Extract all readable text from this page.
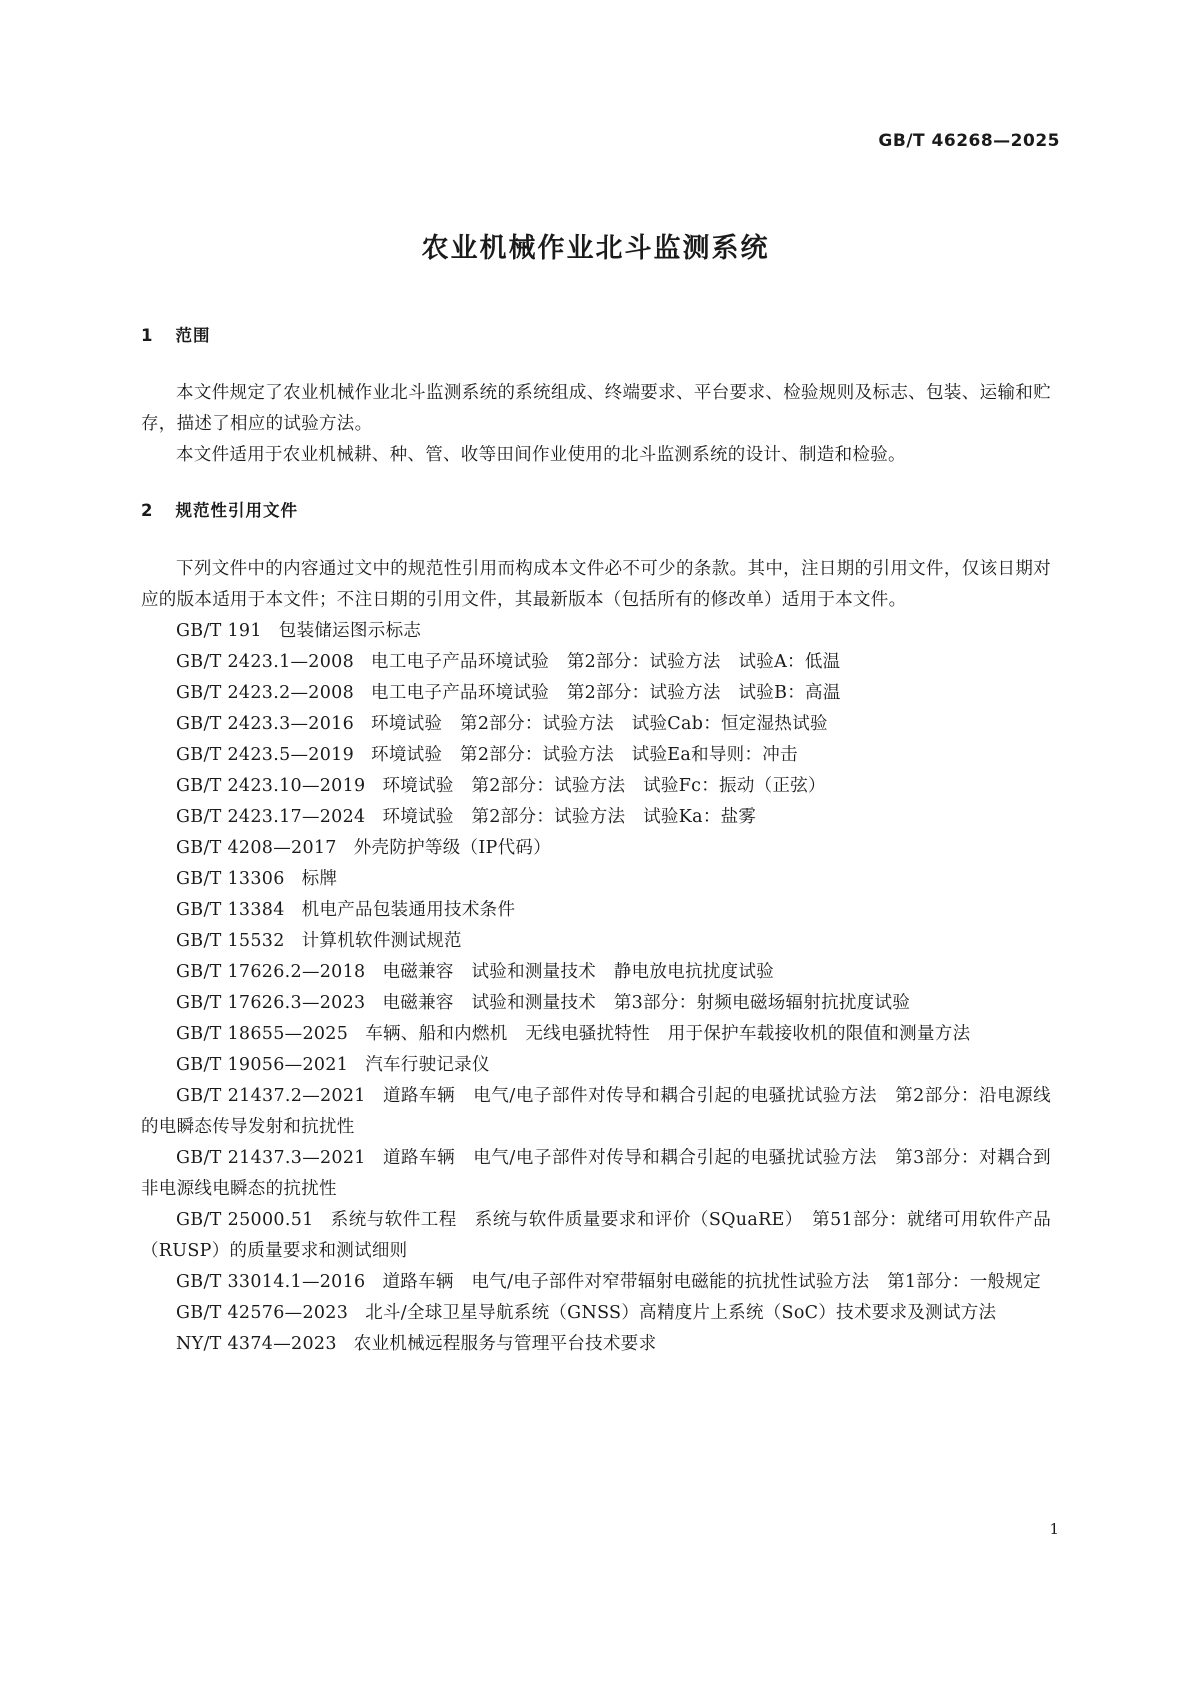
GB/T 46268—2025
农业机械作业北斗监测系统
1 范围

本文件规定了农业机械作业北斗监测系统的系统组成、终端要求、平台要求、检验规则及标志、包装、运输和贮存，描述了相应的试验方法。

本文件适用于农业机械耕、种、管、收等田间作业使用的北斗监测系统的设计、制造和检验。

2 规范性引用文件

下列文件中的内容通过文中的规范性引用而构成本文件必不可少的条款。其中，注日期的引用文件，仅该日期对应的版本适用于本文件；不注日期的引用文件，其最新版本（包括所有的修改单）适用于本文件。

GB/T 191 包装储运图示标志
GB/T 2423.1—2008 电工电子产品环境试验　第2部分：试验方法　试验A：低温
GB/T 2423.2—2008 电工电子产品环境试验　第2部分：试验方法　试验B：高温
GB/T 2423.3—2016 环境试验　第2部分：试验方法　试验Cab：恒定湿热试验
GB/T 2423.5—2019 环境试验　第2部分：试验方法　试验Ea和导则：冲击
GB/T 2423.10—2019 环境试验　第2部分：试验方法　试验Fc：振动（正弦）
GB/T 2423.17—2024 环境试验　第2部分：试验方法　试验Ka：盐雾
GB/T 4208—2017 外壳防护等级（IP代码）
GB/T 13306 标牌
GB/T 13384 机电产品包装通用技术条件
GB/T 15532 计算机软件测试规范
GB/T 17626.2—2018 电磁兼容　试验和测量技术　静电放电抗扰度试验
GB/T 17626.3—2023 电磁兼容　试验和测量技术　第3部分：射频电磁场辐射抗扰度试验
GB/T 18655—2025 车辆、船和内燃机　无线电骚扰特性　用于保护车载接收机的限值和测量方法
GB/T 19056—2021 汽车行驶记录仪
GB/T 21437.2—2021 道路车辆　电气/电子部件对传导和耦合引起的电骚扰试验方法　第2部分：沿电源线的电瞬态传导发射和抗扰性
GB/T 21437.3—2021 道路车辆　电气/电子部件对传导和耦合引起的电骚扰试验方法　第3部分：对耦合到非电源线电瞬态的抗扰性
GB/T 25000.51 系统与软件工程　系统与软件质量要求和评价（SQuaRE）　第51部分：就绪可用软件产品（RUSP）的质量要求和测试细则
GB/T 33014.1—2016 道路车辆　电气/电子部件对窄带辐射电磁能的抗扰性试验方法　第1部分：一般规定
GB/T 42576—2023 北斗/全球卫星导航系统（GNSS）高精度片上系统（SoC）技术要求及测试方法
NY/T 4374—2023 农业机械远程服务与管理平台技术要求
1
